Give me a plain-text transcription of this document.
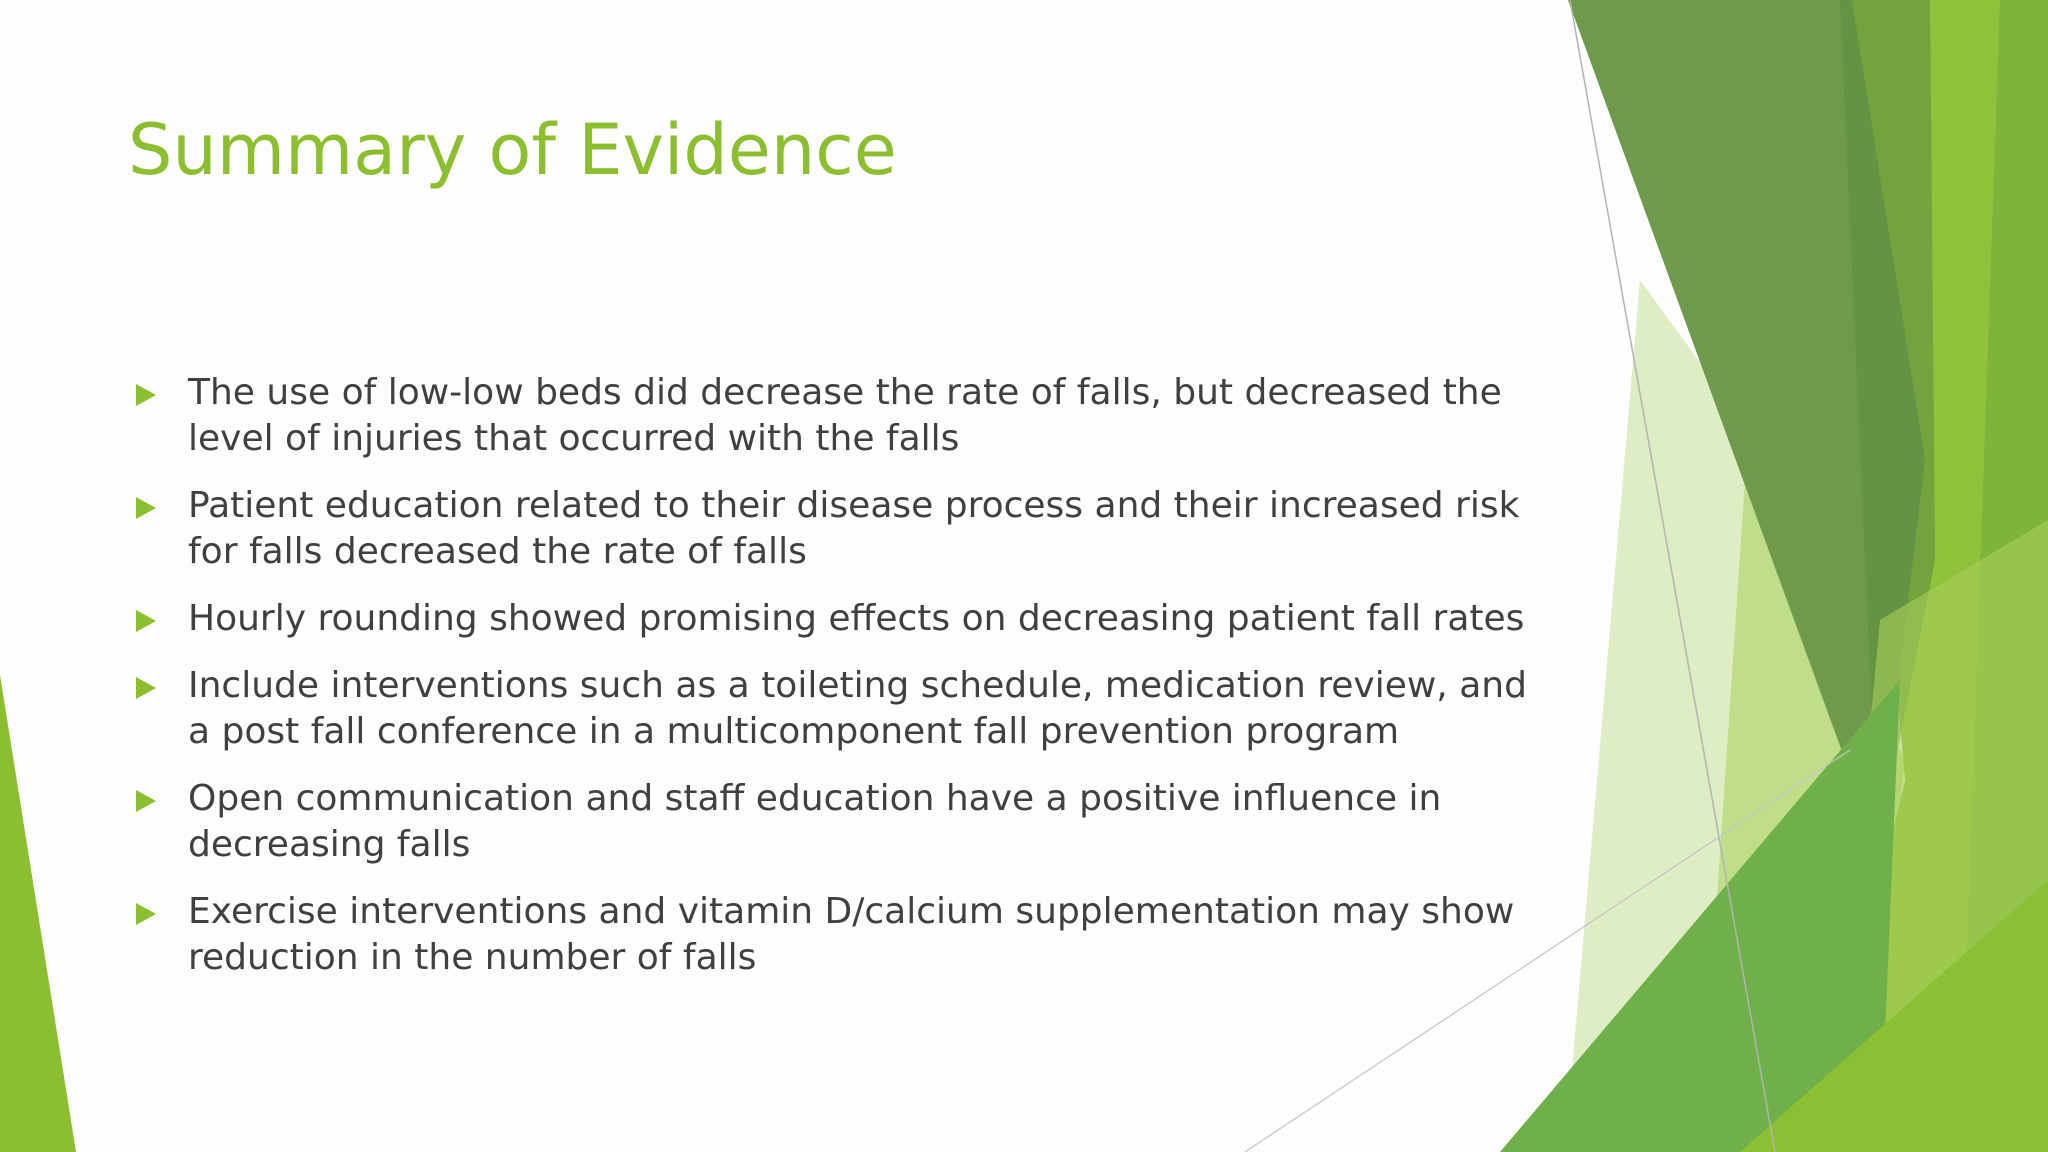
Summary of Evidence
The use of low-low beds did decrease the rate of falls, but decreased the level of injuries that occurred with the falls
Patient education related to their disease process and their increased risk for falls decreased the rate of falls
Hourly rounding showed promising effects on decreasing patient fall rates
Include interventions such as a toileting schedule, medication review, and a post fall conference in a multicomponent fall prevention program
Open communication and staff education have a positive influence in decreasing falls
Exercise interventions and vitamin D/calcium supplementation may show reduction in the number of falls
